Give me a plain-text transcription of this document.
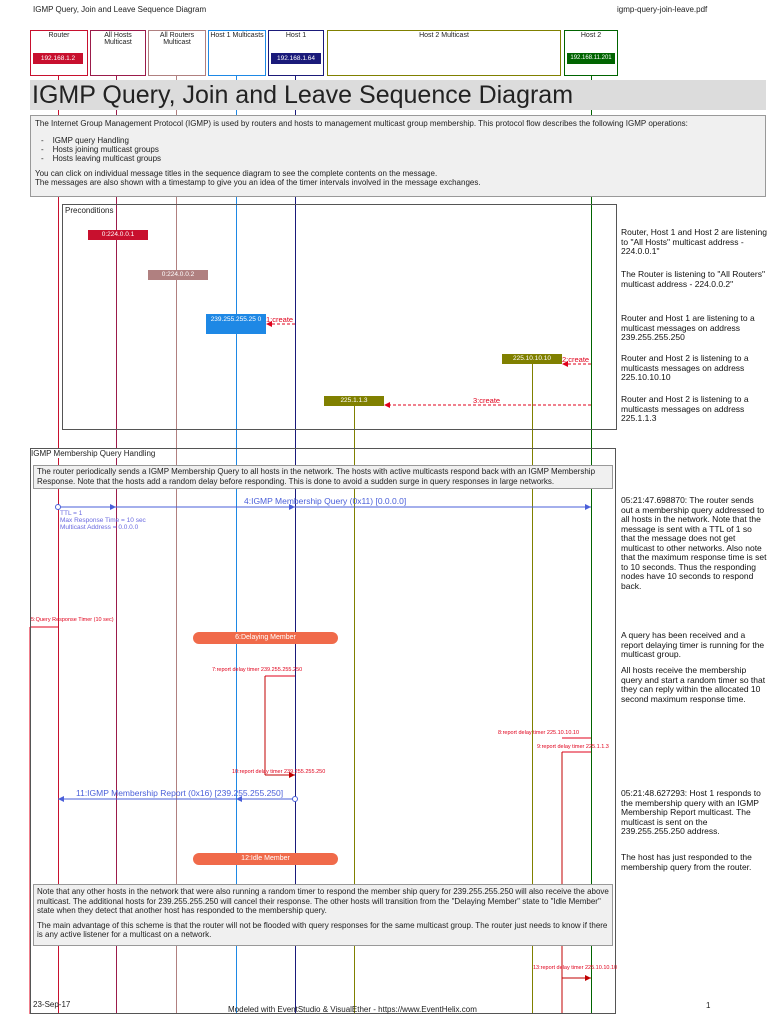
IGMP Query, Join and Leave Sequence Diagram	igmp-query-join-leave.pdf
Router
192.168.1.2
All Hosts Multicast
All Routers Multicast
Host 1 Multicasts	Host 1
192.168.1.64
Host 2 Multicast	Host 2
192.168.11.201
IGMP Query, Join and Leave Sequence Diagram
The Internet Group Management Protocol (IGMP) is used by routers and hosts to management multicast group membership. This protocol flow describes the following IGMP operations:
-    IGMP query Handling
-    Hosts joining multicast groups
-    Hosts leaving multicast groups
You can click on individual message titles in the sequence diagram to see the complete contents on the message.
The messages are also shown with a timestamp to give you an idea of the timer intervals involved in the message exchanges.
Preconditions
0:224.0.0.1
0:224.0.0.2
239.255.255.25 0
225.10.10.10
225.1.1.3
1:create
2:create
3:create
Router, Host 1 and Host 2 are listening to "All Hosts" multicast address - 224.0.0.1"
The Router is listening to "All Routers" multicast address - 224.0.0.2"
Router and Host 1 are listening to a multicast messages on address 239.255.255.250
Router and Host 2 is listening to a multicasts messages on address 225.10.10.10
Router and Host 2 is listening to a multicasts messages on address 225.1.1.3
IGMP Membership Query Handling
The router periodically sends a IGMP Membership Query to all hosts in the network. The hosts with active multicasts respond back with an IGMP Membership Response. Note that the hosts add a random delay before responding. This is done to avoid a sudden surge in query responses in large networks.
4:IGMP Membership Query (0x11) [0.0.0.0]
TTL = 1
Max Response Time = 10 sec
Multicast Address = 0.0.0.0
5:Query Response Timer (10 sec)
6:Delaying Member
7:report delay timer 239.255.255.250
8:report delay timer 225.10.10.10
9:report delay timer 225.1.1.3
10:report delay timer 239.255.255.250
11:IGMP Membership Report (0x16) [239.255.255.250]
12:Idle Member
Note that any other hosts in the network that were also running a random timer to respond the member ship query for 239.255.255.250 will also receive the above multicast. The additional hosts for 239.255.255.250 will cancel their response. The other hosts will transition from the "Delaying Member" state to "Idle Member" state when they detect that another host has responded to the membership query.
The main advantage of this scheme is that the router will not be flooded with query responses for the same multicast group. The router just needs to know if there is any active listener for a multicast on a network.
13:report delay timer 225.10.10.10
05:21:47.698870: The router sends out a membership query addressed to all hosts in the network. Note that the message is sent with a TTL of 1 so that the message does not get multicast to other networks. Also note that the maximum response time is set to 10 seconds. Thus the responding nodes have 10 seconds to respond back.
A query has been received and a report delaying timer is running for the multicast group.
All hosts receive the membership query and start a random timer so that they can reply within the allocated 10 second maximum response time.
05:21:48.627293: Host 1 responds to the membership query with an IGMP Membership Report multicast. The multicast is sent on the 239.255.255.250 address.
The host has just responded to the membership query from the router.
23-Sep-17
Modeled with EventStudio & VisualEther - https://www.EventHelix.com	1
